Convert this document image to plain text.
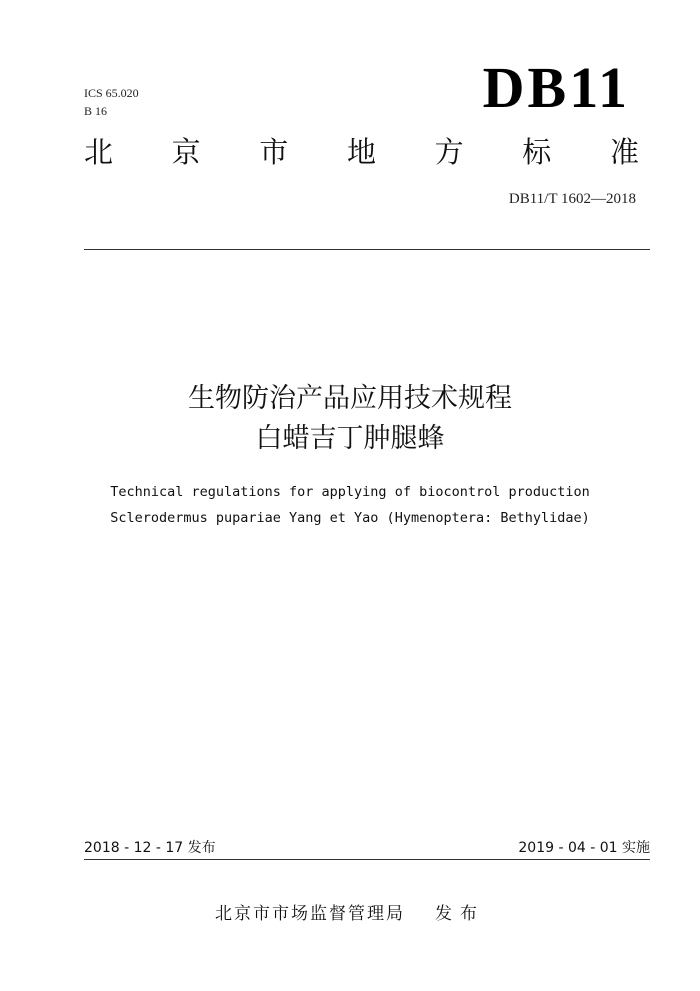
ICS 65.020
B 16	DB11
北 京 市 地 方 标 准
DB11/T 1602—2018
生物防治产品应用技术规程
白蜡吉丁肿腿蜂
Technical regulations for applying of biocontrol production
Sclerodermus pupariae Yang et Yao (Hymenoptera: Bethylidae)
2018 - 12 - 17 发布	2019 - 04 - 01 实施
北京市市场监督管理局 发布
